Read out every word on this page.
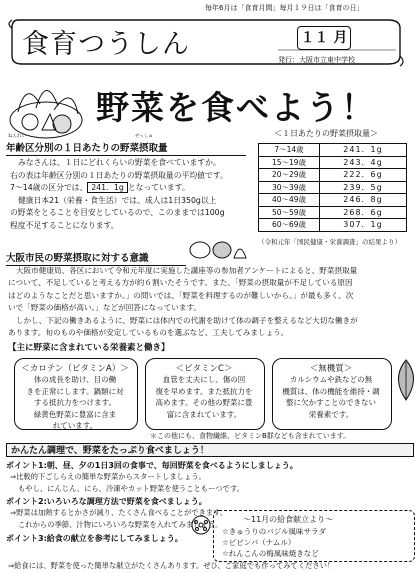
毎年6月は「食育月間」毎月１９日は「食育の日」
食育つうしん	１１ 月
発行：大阪市立東中学校
野菜を食べよう！
年齢区分別の１日あたりの野菜摂取量
ねんれい	せっしゅ	＜１日あたりの野菜摂取量＞
7～14歳	241．1g
15～19歳	243．4g
20～29歳	222．6g
30～39歳	239．5g
40～49歳	246．8g
50～59歳	268．6g
60～69歳	307．1g
みなさんは、１日にどれくらいの野菜を食べていますか。
右の表は年齢区分別の１日あたりの野菜摂取量の平均値です。
7～14歳の区分では、 241．1g となっています。
健康日本21（栄養・食生活）では、成人は1日350g以上
の野菜をとることを目安としているので、このままでは100g
程度不足することになります。
（令和元年「国民健康・栄養調査」の結果より）
大阪市民の野菜摂取に対する意識
大阪市健康局、各区において令和元年度に実施した講座等の参加者アンケートによると、野菜摂取量
について、不足していると考える方が約６割いたそうです。また、「野菜の摂取量が不足している原因
はどのようなことだと思いますか。」の問いでは、「野菜を料理するのが難しいから。」が最も多く、次
いで「野菜の価格が高い。」などが回答になっています。
しかし、下記の働きあるように、野菜には体内での代謝を助けて体の調子を整えるなど大切な働きが
あります。旬のものや価格が安定しているものを選ぶなど、工夫してみましょう。
【主に野菜に含まれている栄養素と働き】
＜カロテン（ビタミンA）＞
体の成長を助け、目の働
きを正常にします。鍋類に対
する抵抗力をつけます。
緑黄色野菜に豊富に含ま
れています。
＜ビタミンC＞
血管を丈夫にし、傷の回
復を早めます。また抵抗力を
高めます。その他の野菜に豊
富に含まれています。
＜無機質＞
カルシウムや鉄などの無
機質は、体の機能を維持・調
整に欠かすことのできない
栄養素です。
＊この他にも、食物繊維、ビタミンB群なども含まれています。
かんたん調理で、野菜をたっぷり食べましょう！
ポイント1:朝、昼、夕の1日3回の食事で、毎回野菜を食べるようにしましょう。
⇒比較的下ごしらえの簡単な野菜からスタートしましょう。
もやし、にんじん、にら、冷凍やカット野菜を使うこともーつです。
ポイント2:いろいろな調理方法で野菜を食べましょう。
⇒野菜は加熱するとかさが減り、たくさん食べることができます。
これからの季節、汁物にいろいろな野菜を入れてみましょう。
ポイント3:給食の献立を参考にしてみましょう。
～11月の給食献立より～
☆きゅうりのバジル風味サラダ
☆ビビンバ（ナムル）
☆れんこんの梅風味焼きなど
⇒給食には、野菜を使った簡単な献立がたくさんあります。ぜひ、ご家庭でも作ってみてください！
